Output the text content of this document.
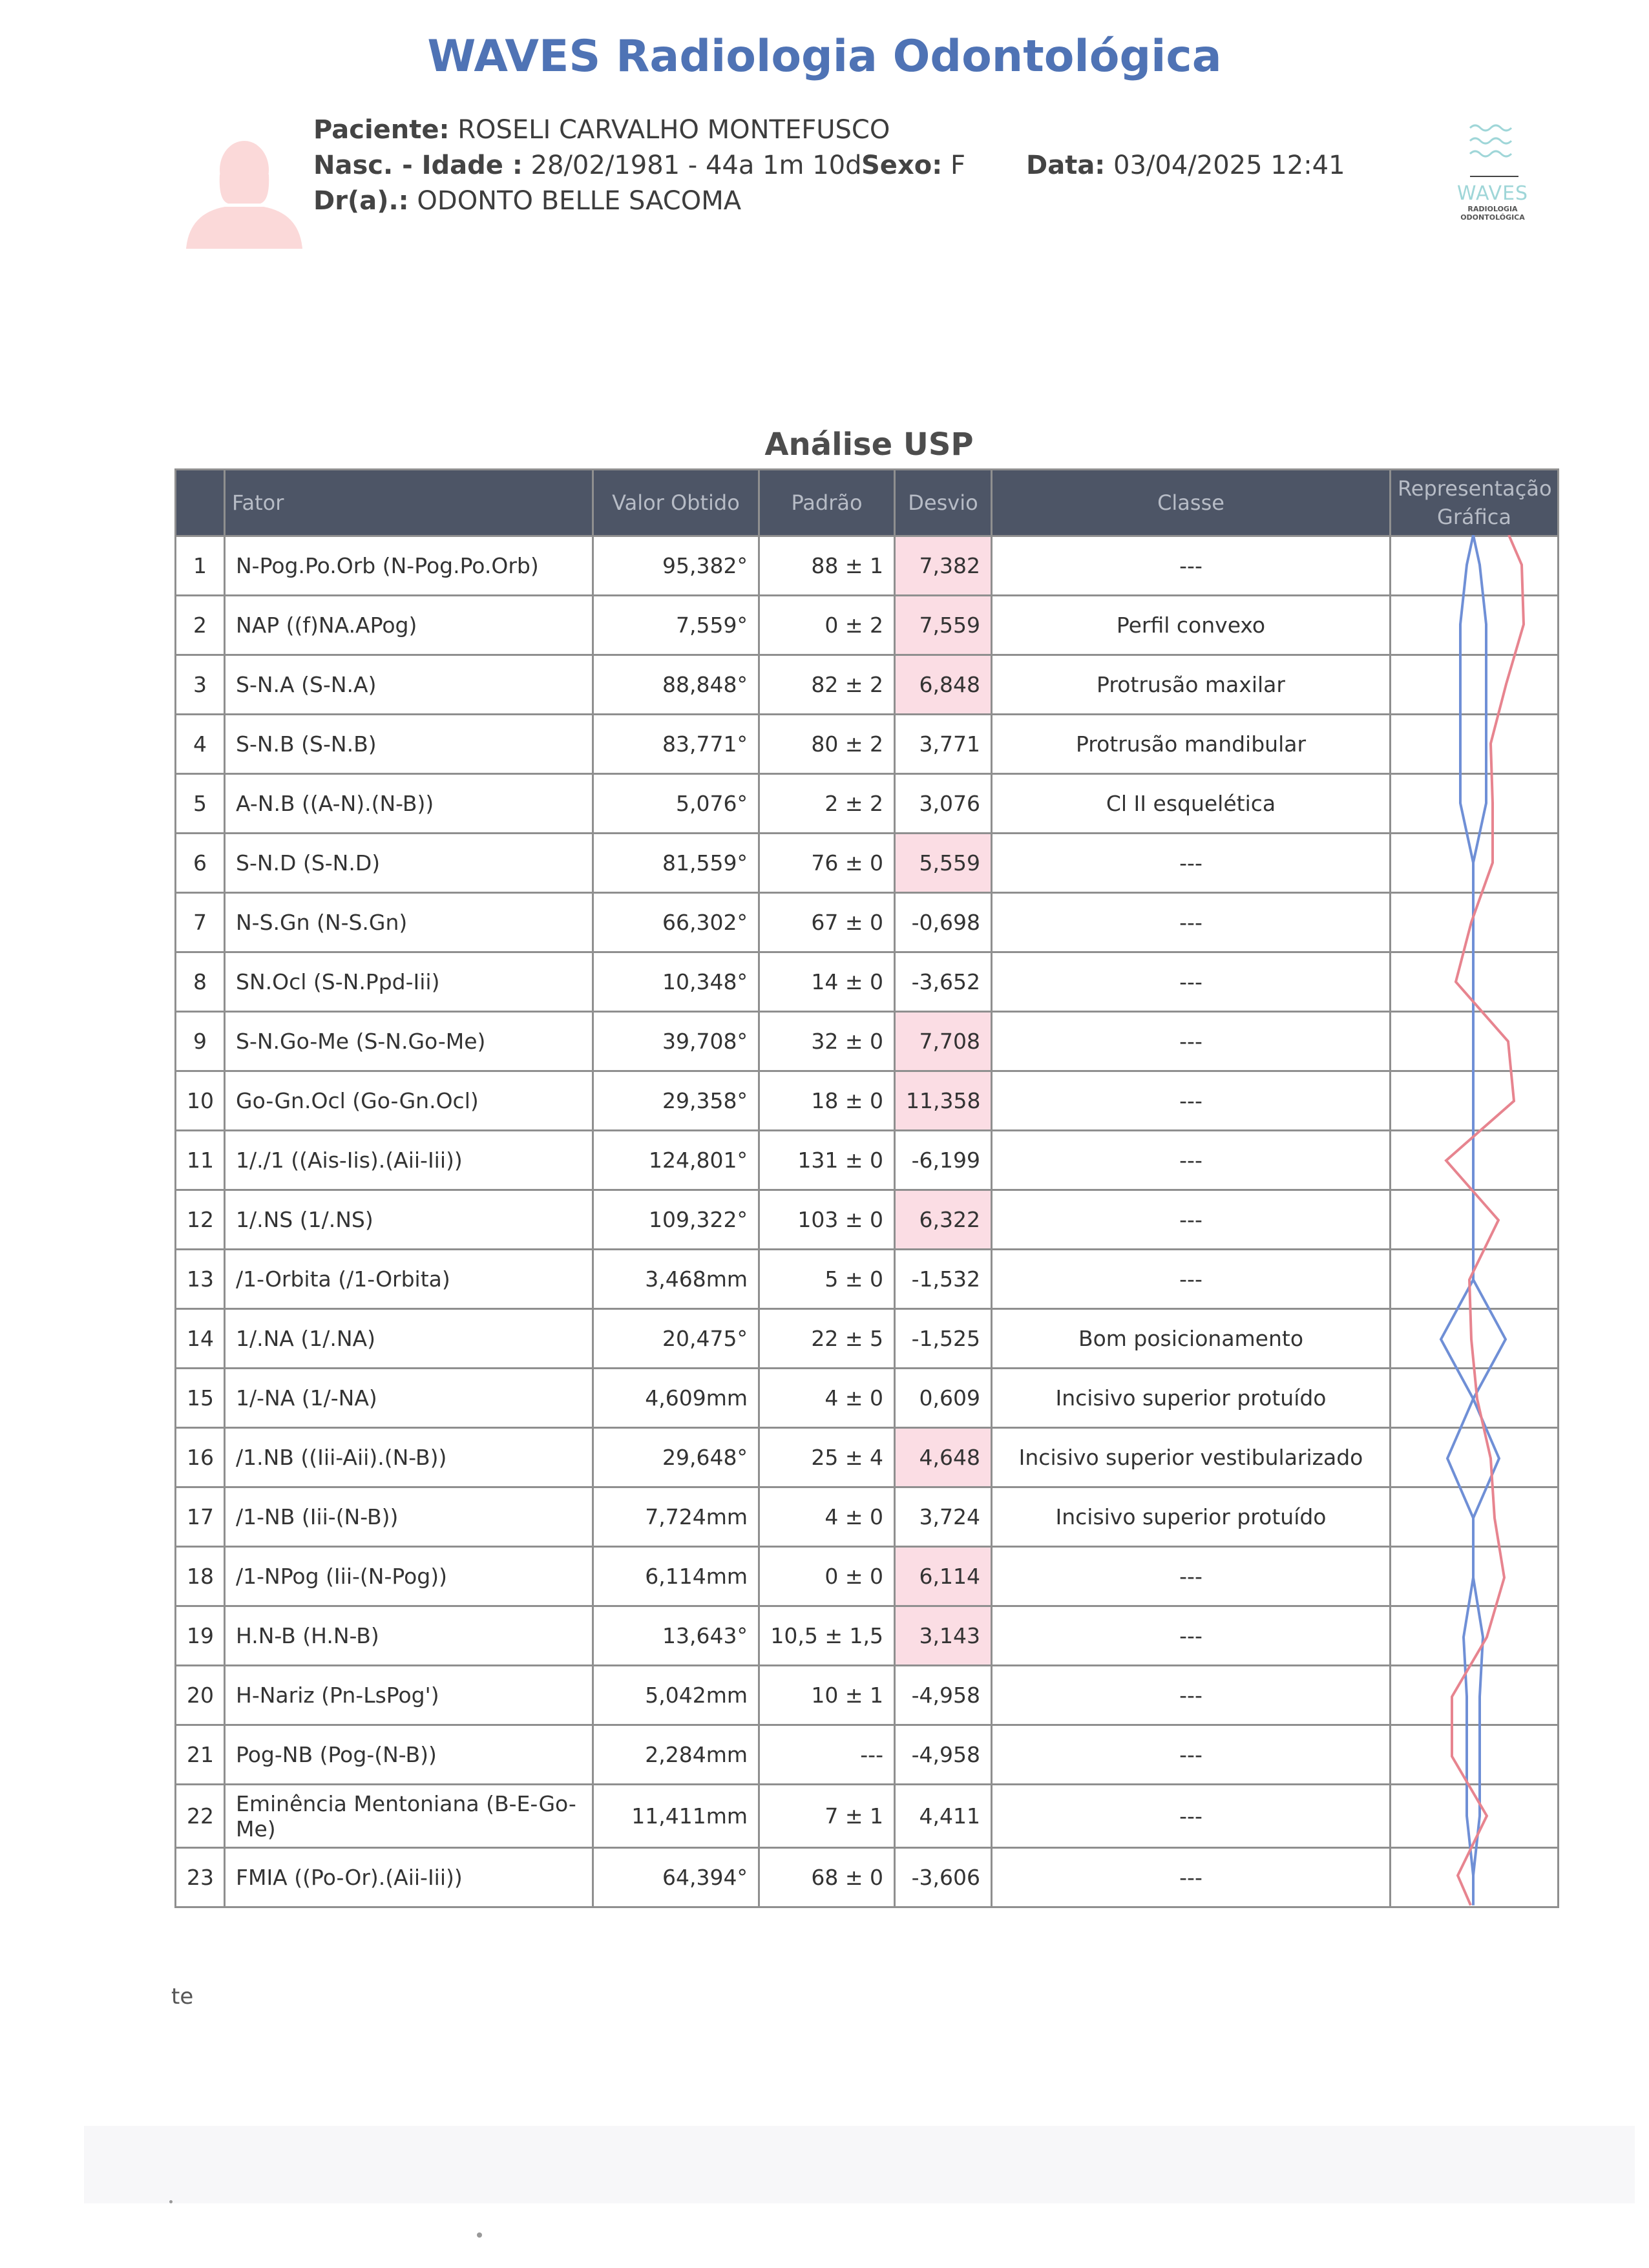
WAVES Radiologia Odontológica
Paciente: ROSELI CARVALHO MONTEFUSCO
Nasc. - Idade : 28/02/1981 - 44a 1m 10d Sexo: F Data: 03/04/2025 12:41
Dr(a).: ODONTO BELLE SACOMA	WAVES
RADIOLOGIA
ODONTOLÓGICA
Análise USP
	Fator	Valor Obtido	Padrão	Desvio	Classe	Representação
Gráfica
1	N-Pog.Po.Orb (N-Pog.Po.Orb)	95,382°	88 ± 1	7,382	---	
2	NAP ((f)NA.APog)	7,559°	0 ± 2	7,559	Perfil convexo	
3	S-N.A (S-N.A)	88,848°	82 ± 2	6,848	Protrusão maxilar	
4	S-N.B (S-N.B)	83,771°	80 ± 2	3,771	Protrusão mandibular	
5	A-N.B ((A-N).(N-B))	5,076°	2 ± 2	3,076	Cl II esquelética	
6	S-N.D (S-N.D)	81,559°	76 ± 0	5,559	---	
7	N-S.Gn (N-S.Gn)	66,302°	67 ± 0	-0,698	---	
8	SN.Ocl (S-N.Ppd-Iii)	10,348°	14 ± 0	-3,652	---	
9	S-N.Go-Me (S-N.Go-Me)	39,708°	32 ± 0	7,708	---	
10	Go-Gn.Ocl (Go-Gn.Ocl)	29,358°	18 ± 0	11,358	---	
11	1/./1 ((Ais-Iis).(Aii-Iii))	124,801°	131 ± 0	-6,199	---	
12	1/.NS (1/.NS)	109,322°	103 ± 0	6,322	---	
13	/1-Orbita (/1-Orbita)	3,468mm	5 ± 0	-1,532	---	
14	1/.NA (1/.NA)	20,475°	22 ± 5	-1,525	Bom posicionamento	
15	1/-NA (1/-NA)	4,609mm	4 ± 0	0,609	Incisivo superior protuído	
16	/1.NB ((Iii-Aii).(N-B))	29,648°	25 ± 4	4,648	Incisivo superior vestibularizado	
17	/1-NB (Iii-(N-B))	7,724mm	4 ± 0	3,724	Incisivo superior protuído	
18	/1-NPog (Iii-(N-Pog))	6,114mm	0 ± 0	6,114	---	
19	H.N-B (H.N-B)	13,643°	10,5 ± 1,5	3,143	---	
20	H-Nariz (Pn-LsPog')	5,042mm	10 ± 1	-4,958	---	
21	Pog-NB (Pog-(N-B))	2,284mm	---	-4,958	---	
22	Eminência Mentoniana (B-E-Go-Me)	11,411mm	7 ± 1	4,411	---	
23	FMIA ((Po-Or).(Aii-Iii))	64,394°	68 ± 0	-3,606	---	
te
